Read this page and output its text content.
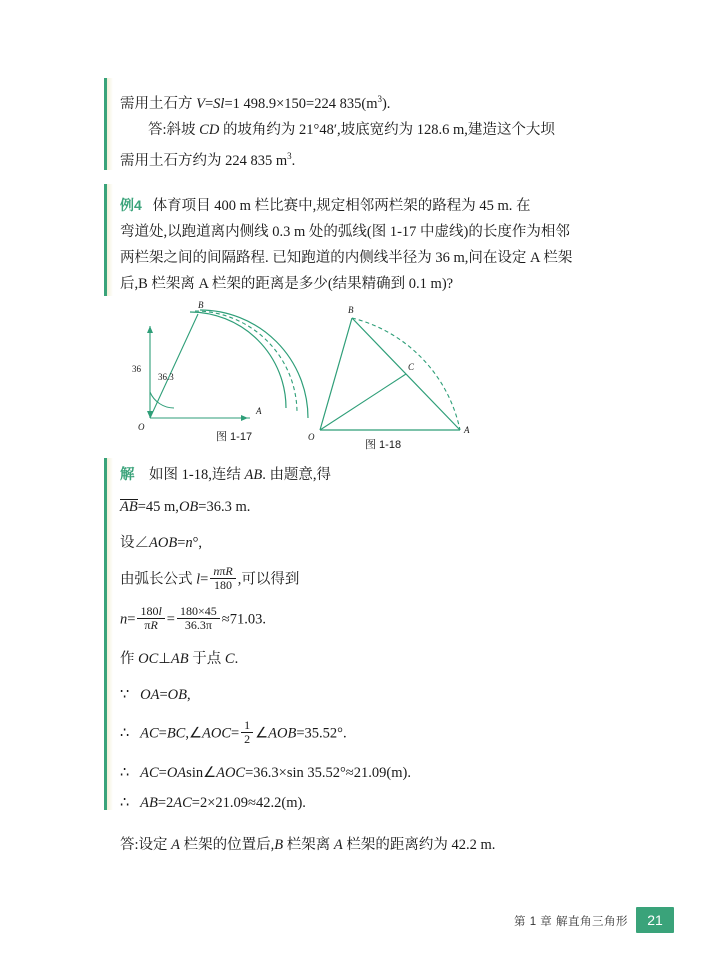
需用土石方 V=Sl=1 498.9×150=224 $835(m^3)$.
答:斜坡 CD 的坡角约为 21°48′,坡底宽约为 128.6 m,建造这个大坝
需用土石方约为 224 835 $m^3$.
例4 体育项目 400 m 栏比赛中,规定相邻两栏架的路程为 45 m. 在
弯道处,以跑道离内侧线 0.3 m 处的弧线(图 1-17 中虚线)的长度作为相邻
两栏架之间的间隔路程. 已知跑道的内侧线半径为 36 m,问在设定 A 栏架
后,B 栏架离 A 栏架的距离是多少(结果精确到 0.1 m)?
B
A
O
36
36.3
B
A
O
C
图 1-17
图 1-18
解    如图 1-18,连结 AB. 由题意,得
AB=45 m,OB=36.3 m.
设∠AOB=n°,
由弧长公式 $l= \frac{\text{nπR}}{180}$ ,可以得到
$n= \frac{180l}{\pi R} = \frac{180\times 45}{36.3\pi} \approx 71.03$.
作 OC⊥AB 于点 C.
∵   OA=OB,
∴   AC=BC,∠AOC= $\frac{1}{2}$ ∠AOB=35.52°.
∴   AC=OAsin∠AOC=36.3×sin 35.52°≈21.09(m).
∴   AB=2AC=2×21.09≈42.2(m).
答:设定 A 栏架的位置后,B 栏架离 A 栏架的距离约为 42.2 m.
第 1 章 解直角三角形	21
